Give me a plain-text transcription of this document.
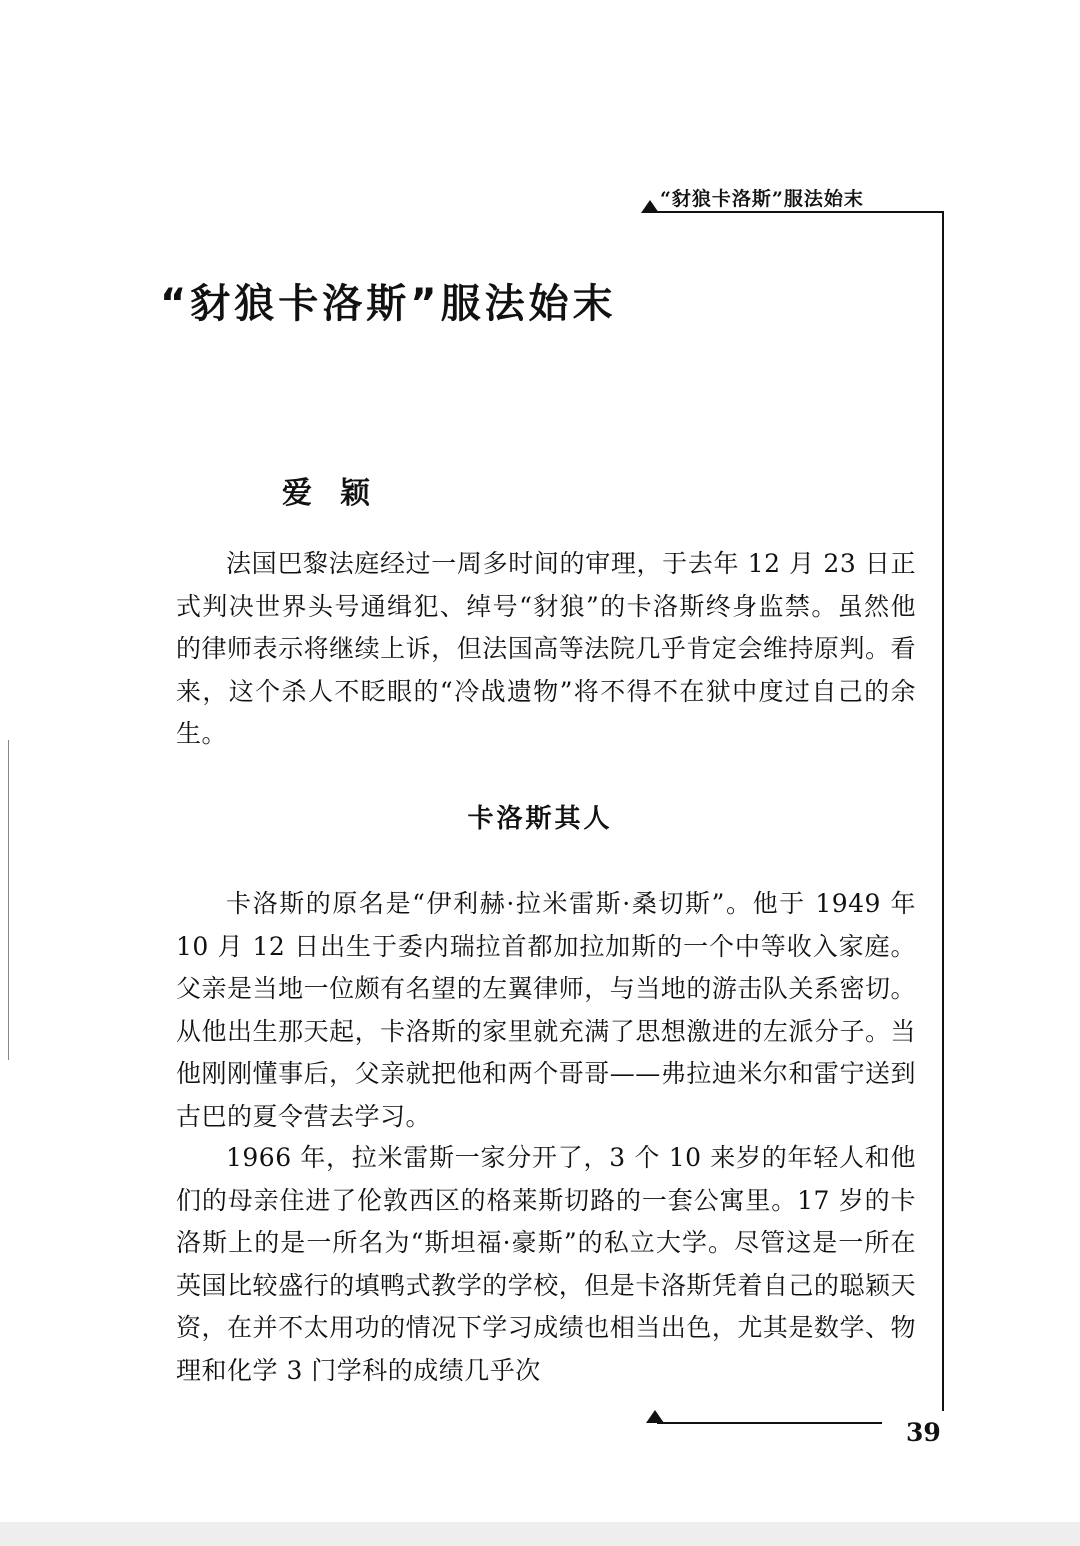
“豺狼卡洛斯”服法始末
“豺狼卡洛斯”服法始末
爱颖

法国巴黎法庭经过一周多时间的审理，于去年 12 月 23 日正式判决世界头号通缉犯、绰号“豺狼”的卡洛斯终身监禁。虽然他的律师表示将继续上诉，但法国高等法院几乎肯定会维持原判。看来，这个杀人不眨眼的“冷战遗物”将不得不在狱中度过自己的余生。

卡洛斯其人

卡洛斯的原名是“伊利赫·拉米雷斯·桑切斯”。他于 1949 年 10 月 12 日出生于委内瑞拉首都加拉加斯的一个中等收入家庭。父亲是当地一位颇有名望的左翼律师，与当地的游击队关系密切。从他出生那天起，卡洛斯的家里就充满了思想激进的左派分子。当他刚刚懂事后，父亲就把他和两个哥哥——弗拉迪米尔和雷宁送到古巴的夏令营去学习。

1966 年，拉米雷斯一家分开了，3 个 10 来岁的年轻人和他们的母亲住进了伦敦西区的格莱斯切路的一套公寓里。17 岁的卡洛斯上的是一所名为“斯坦福·豪斯”的私立大学。尽管这是一所在英国比较盛行的填鸭式教学的学校，但是卡洛斯凭着自己的聪颖天资，在并不太用功的情况下学习成绩也相当出色，尤其是数学、物理和化学 3 门学科的成绩几乎次

39
